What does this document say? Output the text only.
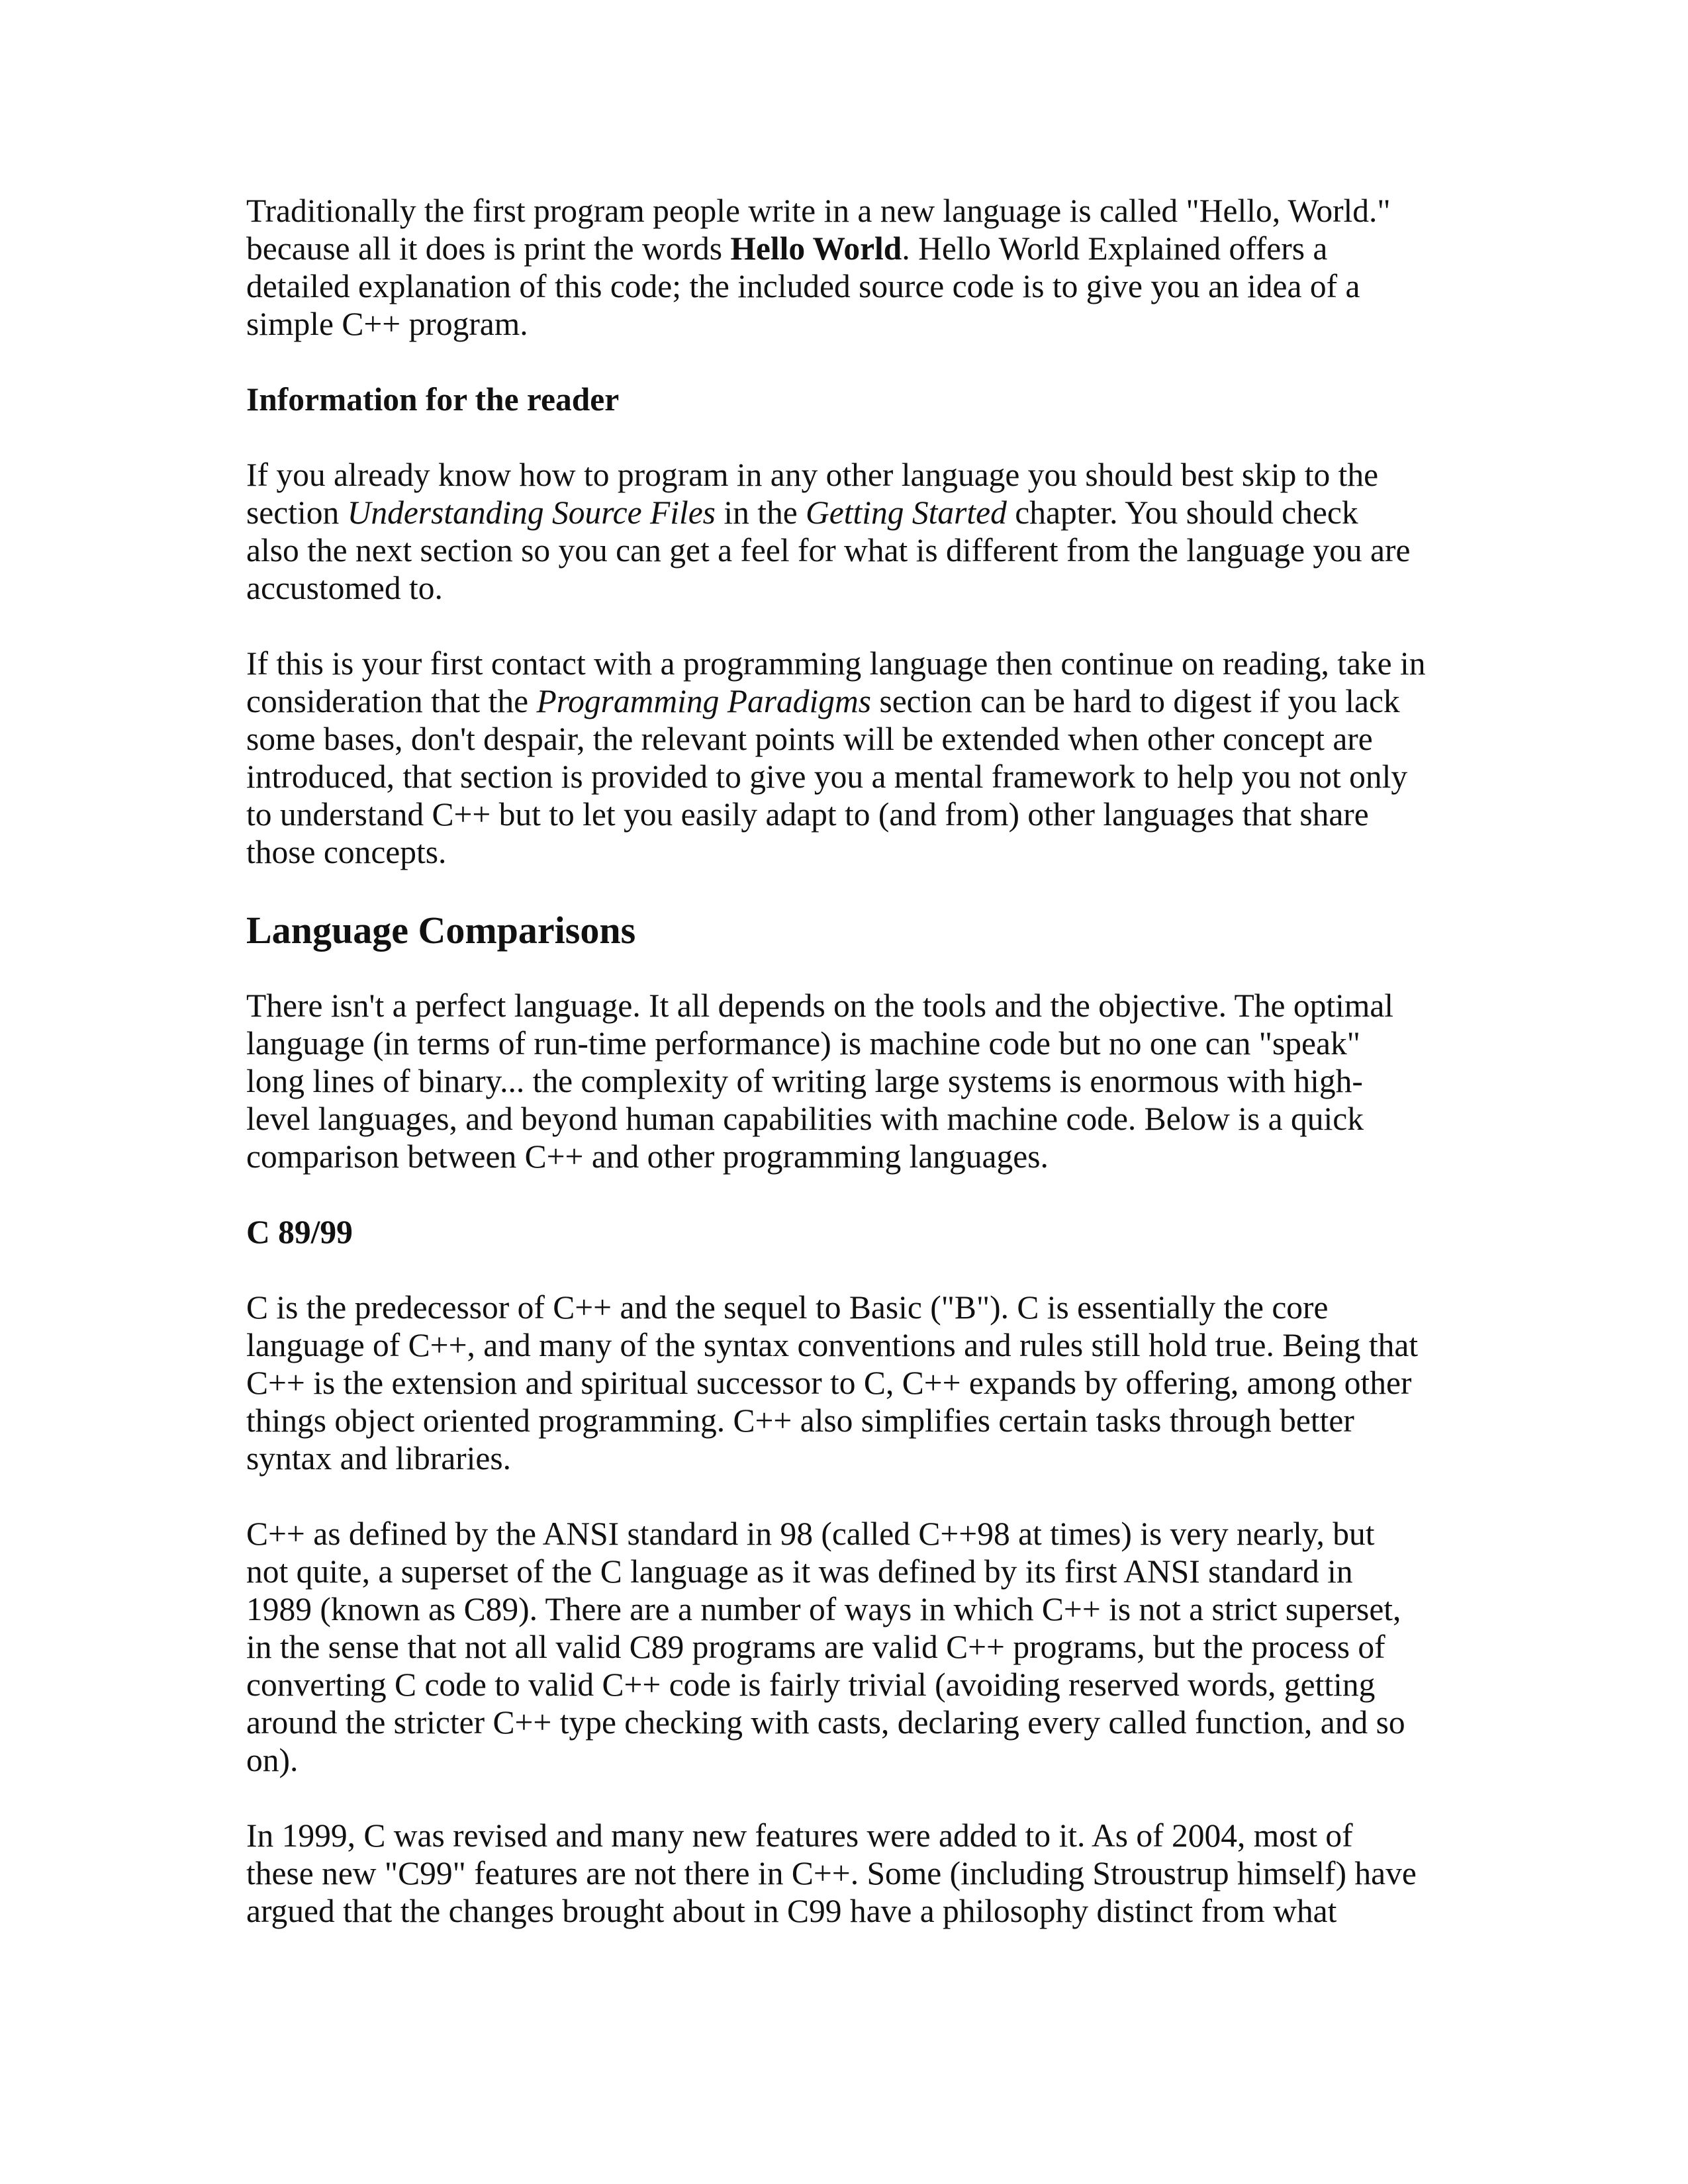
Traditionally the first program people write in a new language is called "Hello, World."
because all it does is print the words Hello World. Hello World Explained offers a
detailed explanation of this code; the included source code is to give you an idea of a
simple C++ program.

Information for the reader

If you already know how to program in any other language you should best skip to the
section Understanding Source Files in the Getting Started chapter. You should check
also the next section so you can get a feel for what is different from the language you are
accustomed to.

If this is your first contact with a programming language then continue on reading, take in
consideration that the Programming Paradigms section can be hard to digest if you lack
some bases, don't despair, the relevant points will be extended when other concept are
introduced, that section is provided to give you a mental framework to help you not only
to understand C++ but to let you easily adapt to (and from) other languages that share
those concepts.

Language Comparisons

There isn't a perfect language. It all depends on the tools and the objective. The optimal
language (in terms of run-time performance) is machine code but no one can "speak"
long lines of binary... the complexity of writing large systems is enormous with high-
level languages, and beyond human capabilities with machine code. Below is a quick
comparison between C++ and other programming languages.

C 89/99

C is the predecessor of C++ and the sequel to Basic ("B"). C is essentially the core
language of C++, and many of the syntax conventions and rules still hold true. Being that
C++ is the extension and spiritual successor to C, C++ expands by offering, among other
things object oriented programming. C++ also simplifies certain tasks through better
syntax and libraries.

C++ as defined by the ANSI standard in 98 (called C++98 at times) is very nearly, but
not quite, a superset of the C language as it was defined by its first ANSI standard in
1989 (known as C89). There are a number of ways in which C++ is not a strict superset,
in the sense that not all valid C89 programs are valid C++ programs, but the process of
converting C code to valid C++ code is fairly trivial (avoiding reserved words, getting
around the stricter C++ type checking with casts, declaring every called function, and so
on).

In 1999, C was revised and many new features were added to it. As of 2004, most of
these new "C99" features are not there in C++. Some (including Stroustrup himself) have
argued that the changes brought about in C99 have a philosophy distinct from what
